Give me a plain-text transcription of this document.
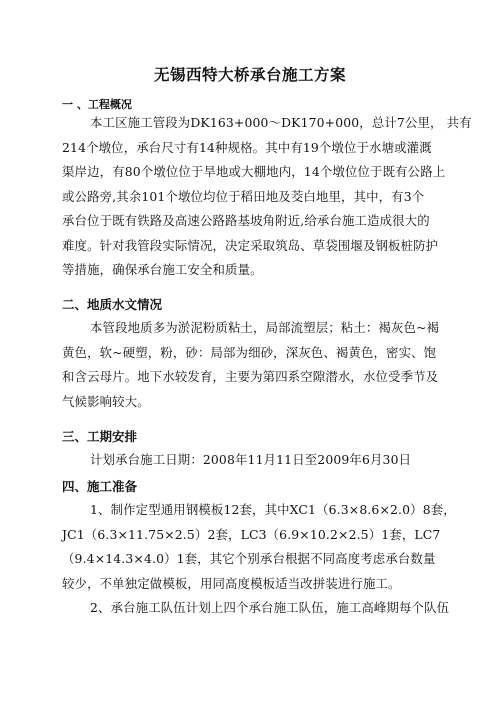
无锡西特大桥承台施工方案
一 、工程概况
本工区施工管段为DK163+000～DK170+000，总计7公里， 共有
214个墩位，承台尺寸有14种规格。其中有19个墩位于水塘或灌溉
渠岸边，有80个墩位位于旱地或大棚地内，14个墩位位于既有公路上
或公路旁,其余101个墩位均位于稻田地及茭白地里，其中，有3个
承台位于既有铁路及高速公路路基坡角附近,给承台施工造成很大的
难度。针对我管段实际情况，决定采取筑岛、草袋围堰及钢板桩防护
等措施，确保承台施工安全和质量。
二、地质水文情况
本管段地质多为淤泥粉质粘土，局部流塑层；粘土：褐灰色~褐
黄色，软~硬塑，粉，砂：局部为细砂，深灰色、褐黄色，密实、饱
和含云母片。地下水较发育，主要为第四系空隙潜水，水位受季节及
气候影响较大。
三、工期安排
计划承台施工日期：2008年11月11日至2009年6月30日
四、施工准备
1、制作定型通用钢模板12套，其中XC1（6.3×8.6×2.0）8套，
JC1（6.3×11.75×2.5）2套，LC3（6.9×10.2×2.5）1套，LC7
（9.4×14.3×4.0）1套，其它个别承台根据不同高度考虑承台数量
较少，不单独定做模板，用同高度模板适当改拼装进行施工。
2、承台施工队伍计划上四个承台施工队伍，施工高峰期每个队伍
